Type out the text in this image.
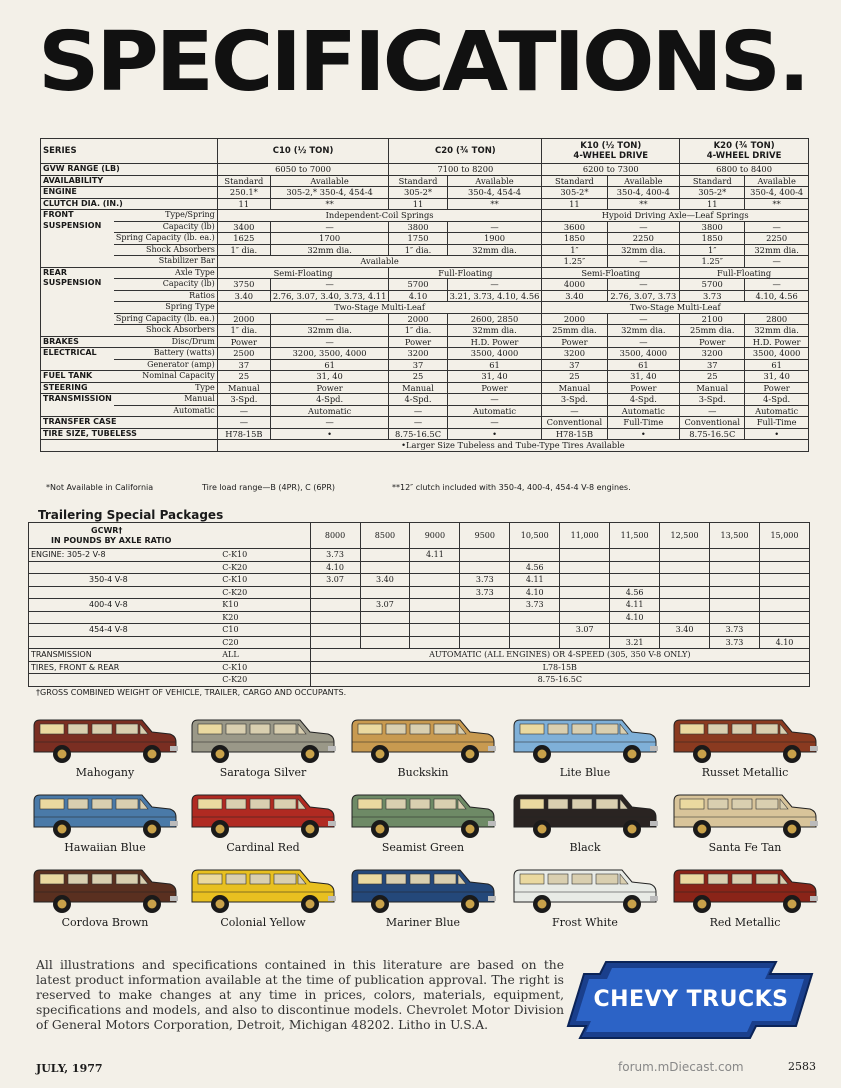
SPECIFICATIONS.
SERIES		C10 (½ TON)		C20 (¾ TON)		K10 (½ TON)
4-WHEEL DRIVE		K20 (¾ TON)
4-WHEEL DRIVE	
GVW RANGE (LB)		6050 to 7000		7100 to 8200		6200 to 7300		6800 to 8400	
AVAILABILITY		Standard	Available	Standard	Available	Standard	Available	Standard	Available
ENGINE		250.1*	305-2,* 350-4, 454-4	305-2*	350-4, 454-4	305-2*	350-4, 400-4	305-2*	350-4, 400-4
CLUTCH DIA. (IN.)		11	**	11	**	11	**	11	**
FRONT SUSPENSION	Type/Spring	Independent-Coil Springs				Hypoid Driving Axle—Leaf Springs			
	Capacity (lb)	3400	—	3800	—	3600	—	3800	—
	Spring Capacity (lb. ea.)	1625	1700	1750	1900	1850	2250	1850	2250
	Shock Absorbers	1″ dia.	32mm dia.	1″ dia.	32mm dia.	1″	32mm dia.	1″	32mm dia.
	Stabilizer Bar	Available				1.25″	—	1.25″	—
REAR SUSPENSION	Axle Type	Semi-Floating		Full-Floating		Semi-Floating		Full-Floating	
	Capacity (lb)	3750	—	5700	—	4000	—	5700	—
	Ratios	3.40	2.76, 3.07, 3.40, 3.73, 4.11	4.10	3.21, 3.73, 4.10, 4.56	3.40	2.76, 3.07, 3.73	3.73	4.10, 4.56
	Spring Type	Two-Stage Multi-Leaf				Two-Stage Multi-Leaf			
	Spring Capacity (lb. ea.)	2000	—	2000	2600, 2850	2000	—	2100	2800
	Shock Absorbers	1″ dia.	32mm dia.	1″ dia.	32mm dia.	25mm dia.	32mm dia.	25mm dia.	32mm dia.
BRAKES	Disc/Drum	Power	—	Power	H.D. Power	Power	—	Power	H.D. Power
ELECTRICAL	Battery (watts)	2500	3200, 3500, 4000	3200	3500, 4000	3200	3500, 4000	3200	3500, 4000
	Generator (amp)	37	61	37	61	37	61	37	61
FUEL TANK	Nominal Capacity	25	31, 40	25	31, 40	25	31, 40	25	31, 40
STEERING	Type	Manual	Power	Manual	Power	Manual	Power	Manual	Power
TRANSMISSION	Manual	3-Spd.	4-Spd.	4-Spd.	—	3-Spd.	4-Spd.	3-Spd.	4-Spd.
	Automatic	—	Automatic	—	Automatic	—	Automatic	—	Automatic
TRANSFER CASE		—	—	—	—	Conventional	Full-Time	Conventional	Full-Time
TIRE SIZE, TUBELESS		H78-15B	•	8.75-16.5C	•	H78-15B	•	8.75-16.5C	•
		•Larger Size Tubeless and Tube-Type Tires Available							
*Not Available in California	Tire load range—B (4PR), C (6PR)	**12″ clutch included with 350-4, 400-4, 454-4 V-8 engines.
Trailering Special Packages
GCWR†
IN POUNDS BY AXLE RATIO		8000	8500	9000	9500	10,500	11,000	11,500	12,500	13,500	15,000
ENGINE: 305-2 V-8	C-K10	3.73		4.11							
	C-K20	4.10				4.56					
350-4 V-8	C-K10	3.07	3.40		3.73	4.11					
	C-K20				3.73	4.10		4.56			
400-4 V-8	K10		3.07			3.73		4.11			
	K20							4.10			
454-4 V-8	C10						3.07		3.40	3.73	
	C20							3.21		3.73	4.10
TRANSMISSION	ALL	AUTOMATIC (ALL ENGINES) OR 4-SPEED (305, 350 V-8 ONLY)									
TIRES, FRONT & REAR	C-K10	L78-15B									
	C-K20	8.75-16.5C									
†GROSS COMBINED WEIGHT OF VEHICLE, TRAILER, CARGO AND OCCUPANTS.
Mahogany	Saratoga Silver	Buckskin	Lite Blue	Russet Metallic
Hawaiian Blue	Cardinal Red	Seamist Green	Black	Santa Fe Tan
Cordova Brown	Colonial Yellow	Mariner Blue	Frost White	Red Metallic
All illustrations and specifications contained in this literature are based on the latest product information available at the time of publication approval. The right is reserved to make changes at any time in prices, colors, materials, equipment, specifications and models, and also to discontinue models. Chevrolet Motor Division of General Motors Corporation, Detroit, Michigan 48202. Litho in U.S.A.
CHEVY TRUCKS
JULY, 1977	forum.mDiecast.com	2583
